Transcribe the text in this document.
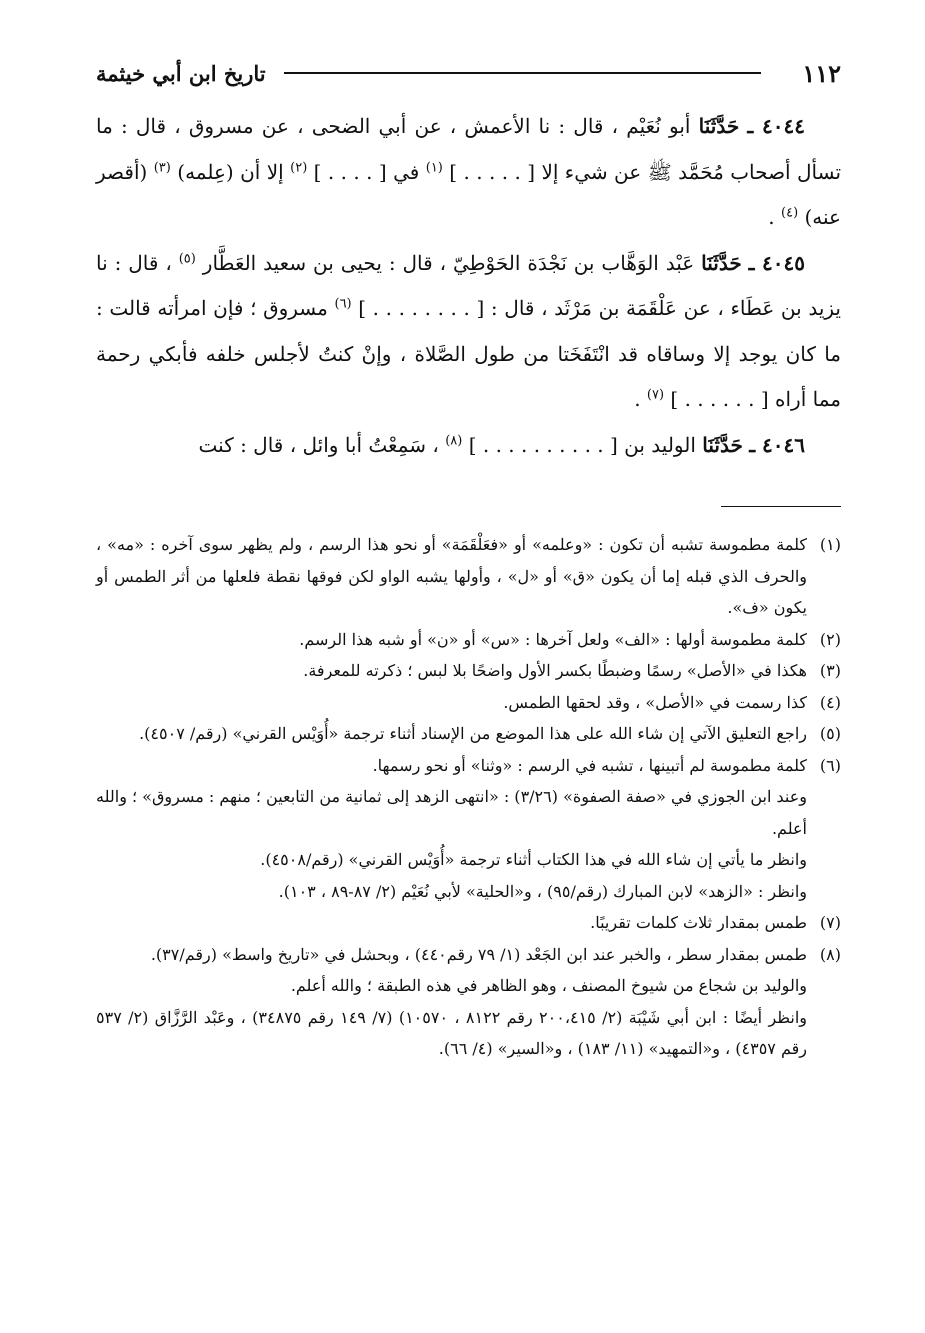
١١٢
تاريخ ابن أبي خيثمة

٤٠٤٤ ـ حَدَّثَنَا أبو نُعَيْم ، قال : نا الأعمش ، عن أبي الضحى ، عن مسروق ، قال : ما تسأل أصحاب مُحَمَّد ﷺ عن شيء إلا [ . . . . . ] $^{(١)}$ في [ . . . . ] $^{(٢)}$ إلا أن (عِلمه) $^{(٣)}$ (أقصر عنه) $^{(٤)}$ .

٤٠٤٥ ـ حَدَّثَنَا عَبْد الوَهَّاب بن نَجْدَة الحَوْطِيّ ، قال : يحيى بن سعيد العَطَّار $^{(٥)}$ ، قال : نا يزيد بن عَطَاء ، عن عَلْقَمَة بن مَرْثَد ، قال : [ . . . . . . . . ] $^{(٦)}$ مسروق ؛ فإن امرأته قالت : ما كان يوجد إلا وساقاه قد انْتَفَخَتا من طول الصَّلاة ، وإنْ كنتُ لأجلس خلفه فأبكي رحمة مما أراه [ . . . . . . ] $^{(٧)}$ .

٤٠٤٦ ـ حَدَّثَنَا الوليد بن [ . . . . . . . . . . ] $^{(٨)}$ ، سَمِعْتُ أبا وائل ، قال : كنت

(١)
كلمة مطموسة تشبه أن تكون : «وعلمه» أو «فعَلْقَمَة» أو نحو هذا الرسم ، ولم يظهر سوى آخره : «مه» ، والحرف الذي قبله إما أن يكون «ق» أو «ل» ، وأولها يشبه الواو لكن فوقها نقطة فلعلها من أثر الطمس أو يكون «ف».
(٢)
كلمة مطموسة أولها : «الف» ولعل آخرها : «س» أو «ن» أو شبه هذا الرسم.
(٣)
هكذا في «الأصل» رسمًا وضبطًا بكسر الأول واضحًا بلا لبس ؛ ذكرته للمعرفة.
(٤)
كذا رسمت في «الأصل» ، وقد لحقها الطمس.
(٥)
راجع التعليق الآتي إن شاء الله على هذا الموضع من الإسناد أثناء ترجمة «أُوَيْس القرني» (رقم/ ٤٥٠٧).
(٦)
كلمة مطموسة لم أتبينها ، تشبه في الرسم : «وثنا» أو نحو رسمها.

وعند ابن الجوزي في «صفة الصفوة» (٣/٢٦) : «انتهى الزهد إلى ثمانية من التابعين ؛ منهم : مسروق» ؛ والله أعلم.

وانظر ما يأتي إن شاء الله في هذا الكتاب أثناء ترجمة «أُوَيْس القرني» (رقم/٤٥٠٨).

وانظر : «الزهد» لابن المبارك (رقم/٩٥) ، و«الحلية» لأبي نُعَيْم (٢/ ٨٧-٨٩ ، ١٠٣).

(٧)
طمس بمقدار ثلاث كلمات تقريبًا.
(٨)
طمس بمقدار سطر ، والخبر عند ابن الجَعْد (١/ ٧٩ رقم٤٤٠) ، وبحشل في «تاريخ واسط» (رقم/٣٧).

والوليد بن شجاع من شيوخ المصنف ، وهو الظاهر في هذه الطبقة ؛ والله أعلم.

وانظر أيضًا : ابن أبي شَيْبَة (٢/ ٢٠٠،٤١٥ رقم ٨١٢٢ ، ١٠٥٧٠) (٧/ ١٤٩ رقم ٣٤٨٧٥) ، وعَبْد الرَّزَّاق (٢/ ٥٣٧ رقم ٤٣٥٧) ، و«التمهيد» (١١/ ١٨٣) ، و«السير» (٤/ ٦٦).
